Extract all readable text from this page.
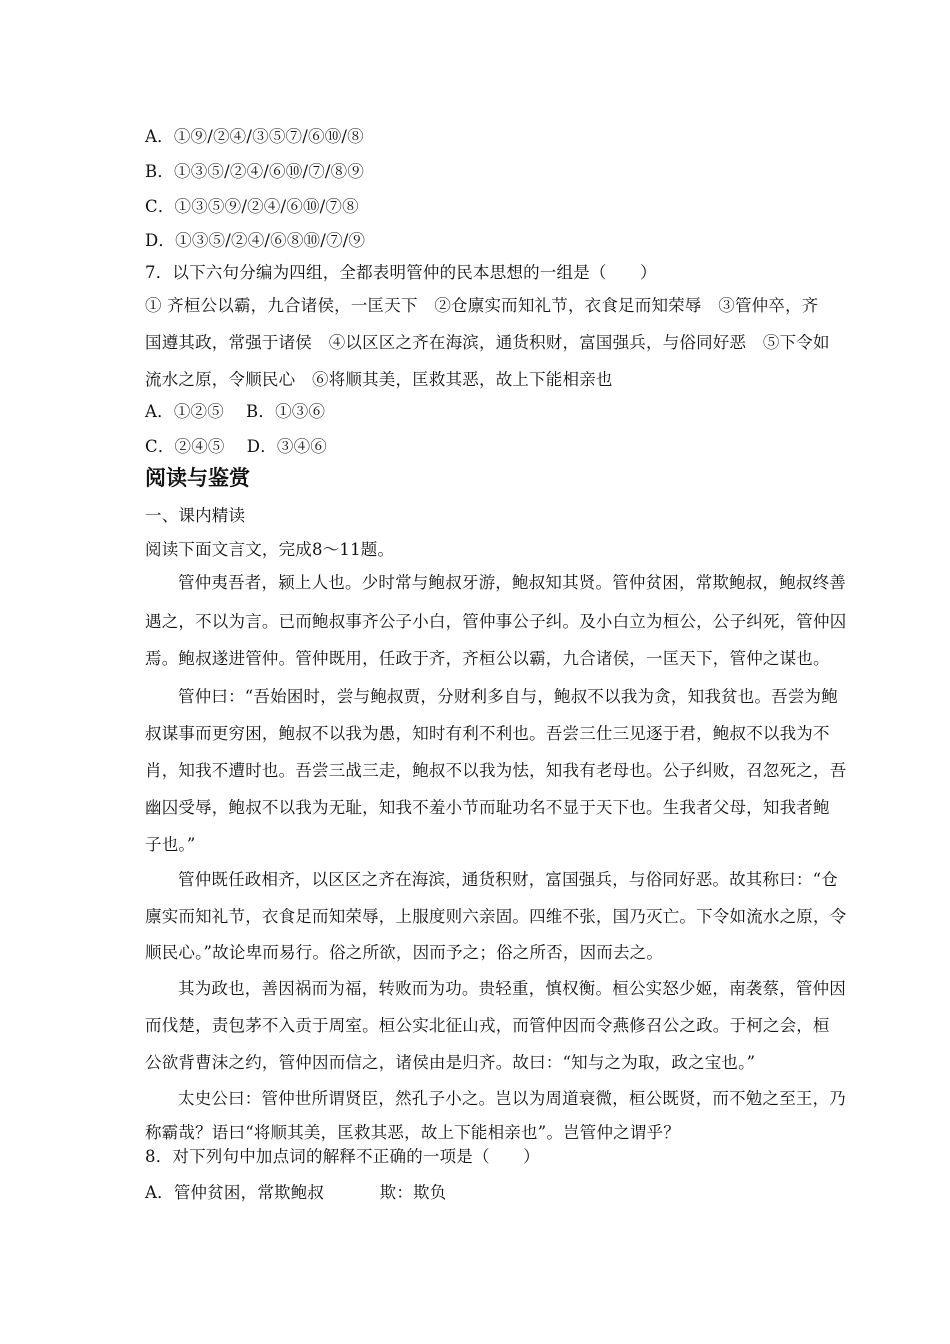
A．①⑨/②④/③⑤⑦/⑥⑩/⑧
B．①③⑤/②④/⑥⑩/⑦/⑧⑨
C．①③⑤⑨/②④/⑥⑩/⑦⑧
D．①③⑤/②④/⑥⑧⑩/⑦/⑨
7．以下六句分编为四组，全都表明管仲的民本思想的一组是（　　）
① 齐桓公以霸，九合诸侯，一匡天下　②仓廪实而知礼节，衣食足而知荣辱　③管仲卒，齐
国遵其政，常强于诸侯　④以区区之齐在海滨，通货积财，富国强兵，与俗同好恶　⑤下令如
流水之原，令顺民心　⑥将顺其美，匡救其恶，故上下能相亲也
A．①②⑤　 B．①③⑥
C．②④⑤　 D．③④⑥
阅读与鉴赏
一、课内精读
阅读下面文言文，完成8～11题。
管仲夷吾者，颍上人也。少时常与鲍叔牙游，鲍叔知其贤。管仲贫困，常欺鲍叔，鲍叔终善
遇之，不以为言。已而鲍叔事齐公子小白，管仲事公子纠。及小白立为桓公，公子纠死，管仲囚
焉。鲍叔遂进管仲。管仲既用，任政于齐，齐桓公以霸，九合诸侯，一匡天下，管仲之谋也。
管仲曰：“吾始困时，尝与鲍叔贾，分财利多自与，鲍叔不以我为贪，知我贫也。吾尝为鲍
叔谋事而更穷困，鲍叔不以我为愚，知时有利不利也。吾尝三仕三见逐于君，鲍叔不以我为不
肖，知我不遭时也。吾尝三战三走，鲍叔不以我为怯，知我有老母也。公子纠败，召忽死之，吾
幽囚受辱，鲍叔不以我为无耻，知我不羞小节而耻功名不显于天下也。生我者父母，知我者鲍
子也。”
管仲既任政相齐，以区区之齐在海滨，通货积财，富国强兵，与俗同好恶。故其称曰：“仓
廪实而知礼节，衣食足而知荣辱，上服度则六亲固。四维不张，国乃灭亡。下令如流水之原，令
顺民心。”故论卑而易行。俗之所欲，因而予之；俗之所否，因而去之。
其为政也，善因祸而为福，转败而为功。贵轻重，慎权衡。桓公实怒少姬，南袭蔡，管仲因
而伐楚，责包茅不入贡于周室。桓公实北征山戎，而管仲因而令燕修召公之政。于柯之会，桓
公欲背曹沫之约，管仲因而信之，诸侯由是归齐。故曰：“知与之为取，政之宝也。”
太史公曰：管仲世所谓贤臣，然孔子小之。岂以为周道衰微，桓公既贤，而不勉之至王，乃
称霸哉？语曰“将顺其美，匡救其恶，故上下能相亲也”。岂管仲之谓乎？
8．对下列句中加点词的解释不正确的一项是（　　）
A．管仲贫困，常欺鲍叔　　　 欺：欺负
